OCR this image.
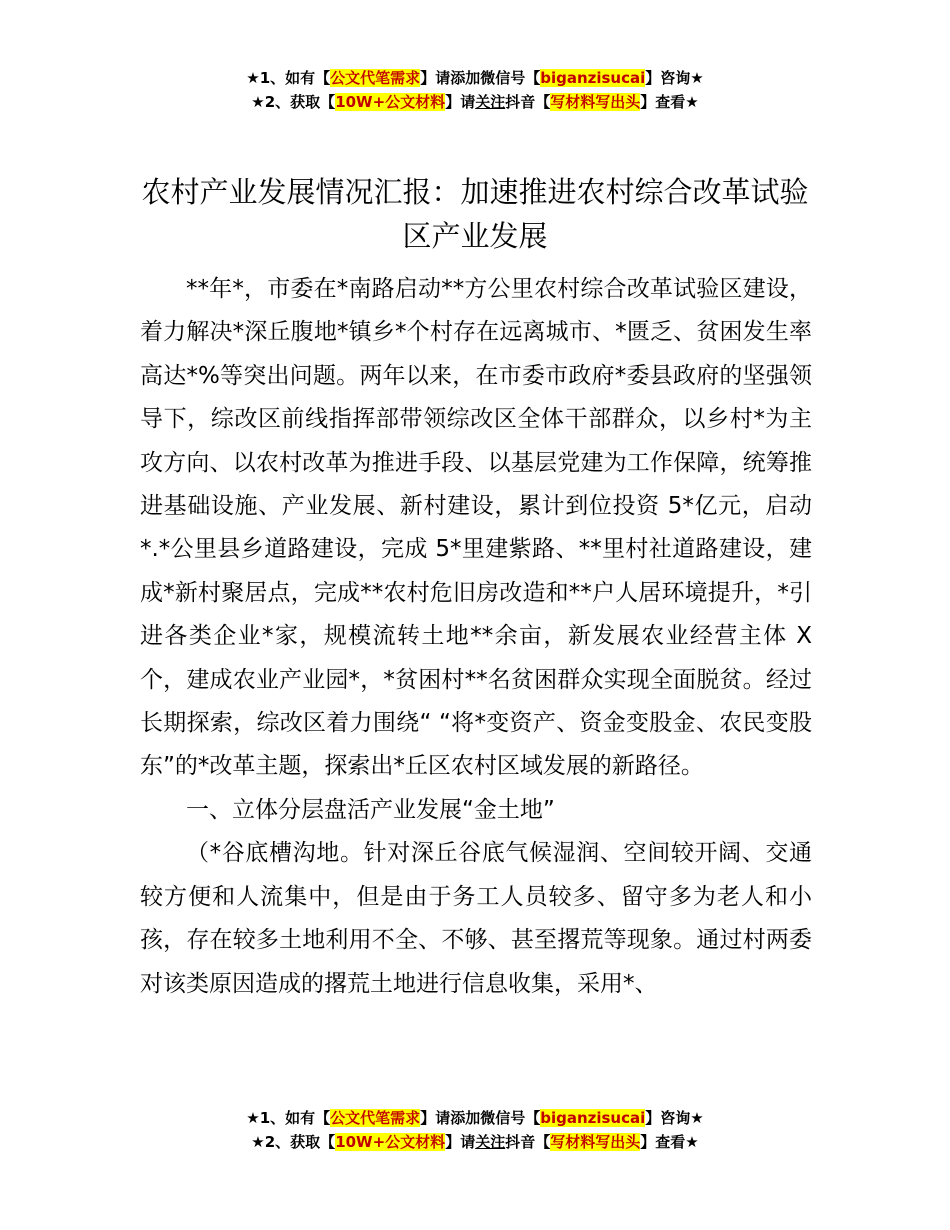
★1、如有【公文代笔需求】请添加微信号【biganzisucai】咨询★
★2、获取【10W+公文材料】请关注抖音【写材料写出头】查看★
农村产业发展情况汇报：加速推进农村综合改革试验区产业发展

**年*，市委在*南路启动**方公里农村综合改革试验区建设，着力解决*深丘腹地*镇乡*个村存在远离城市、*匮乏、贫困发生率高达*%等突出问题。两年以来，在市委市政府*委县政府的坚强领导下，综改区前线指挥部带领综改区全体干部群众，以乡村*为主攻方向、以农村改革为推进手段、以基层党建为工作保障，统筹推进基础设施、产业发展、新村建设，累计到位投资 5*亿元，启动*.*公里县乡道路建设，完成 5*里建紫路、**里村社道路建设，建成*新村聚居点，完成**农村危旧房改造和**户人居环境提升，*引进各类企业*家，规模流转土地**余亩，新发展农业经营主体 X 个，建成农业产业园*，*贫困村**名贫困群众实现全面脱贫。经过长期探索，综改区着力围绕“ “将*变资产、资金变股金、农民变股东”的*改革主题，探索出*丘区农村区域发展的新路径。

一、立体分层盘活产业发展“金土地”

（*谷底槽沟地。针对深丘谷底气候湿润、空间较开阔、交通较方便和人流集中，但是由于务工人员较多、留守多为老人和小孩，存在较多土地利用不全、不够、甚至撂荒等现象。通过村两委对该类原因造成的撂荒土地进行信息收集，采用*、

★1、如有【公文代笔需求】请添加微信号【biganzisucai】咨询★
★2、获取【10W+公文材料】请关注抖音【写材料写出头】查看★
